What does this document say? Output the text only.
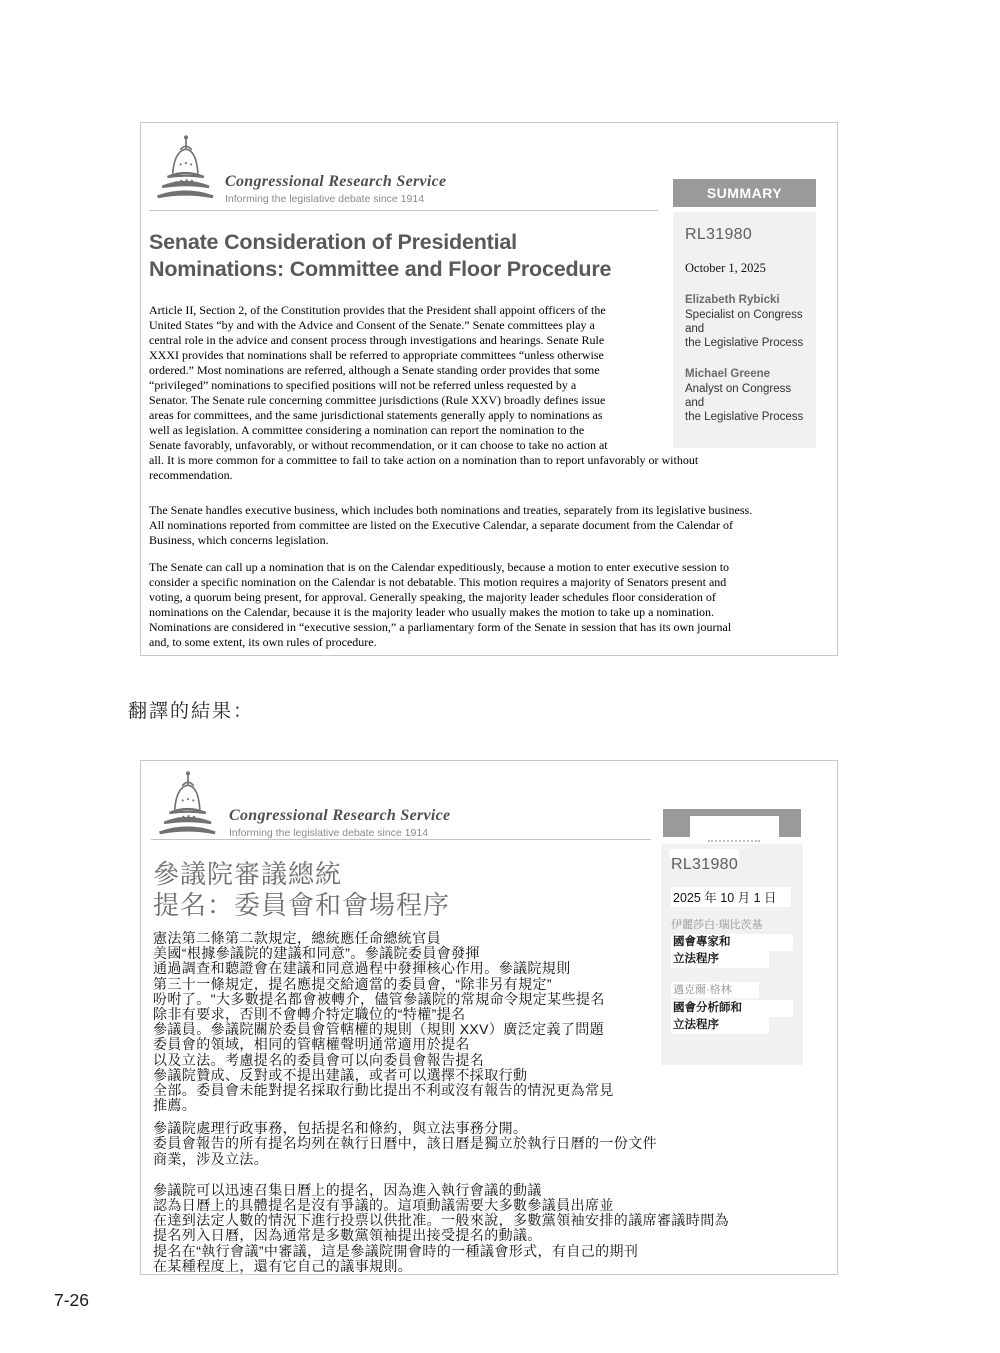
Congressional Research Service
Informing the legislative debate since 1914	SUMMARY
RL31980
October 1, 2025
Elizabeth Rybicki
Specialist on Congress and
the Legislative Process
Michael Greene
Analyst on Congress and
the Legislative Process
Senate Consideration of Presidential
Nominations: Committee and Floor Procedure
Article II, Section 2, of the Constitution provides that the President shall appoint officers of the
United States “by and with the Advice and Consent of the Senate.” Senate committees play a
central role in the advice and consent process through investigations and hearings. Senate Rule
XXXI provides that nominations shall be referred to appropriate committees “unless otherwise
ordered.” Most nominations are referred, although a Senate standing order provides that some
“privileged” nominations to specified positions will not be referred unless requested by a
Senator. The Senate rule concerning committee jurisdictions (Rule XXV) broadly defines issue
areas for committees, and the same jurisdictional statements generally apply to nominations as
well as legislation. A committee considering a nomination can report the nomination to the
Senate favorably, unfavorably, or without recommendation, or it can choose to take no action at
all. It is more common for a committee to fail to take action on a nomination than to report unfavorably or without
recommendation.
The Senate handles executive business, which includes both nominations and treaties, separately from its legislative business.
All nominations reported from committee are listed on the Executive Calendar, a separate document from the Calendar of
Business, which concerns legislation.
The Senate can call up a nomination that is on the Calendar expeditiously, because a motion to enter executive session to
consider a specific nomination on the Calendar is not debatable. This motion requires a majority of Senators present and
voting, a quorum being present, for approval. Generally speaking, the majority leader schedules floor consideration of
nominations on the Calendar, because it is the majority leader who usually makes the motion to take up a nomination.
Nominations are considered in “executive session,” a parliamentary form of the Senate in session that has its own journal
and, to some extent, its own rules of procedure.
翻譯的結果：
Congressional Research Service
Informing the legislative debate since 1914
RL31980
2025 年 10 月 1 日
伊麗莎白·瑞比茨基
國會專家和
立法程序
邁克爾·格林
國會分析師和
立法程序
參議院審議總統
提名：委員會和會場程序
憲法第二條第二款規定，總統應任命總統官員
美國“根據參議院的建議和同意”。參議院委員會發揮
通過調查和聽證會在建議和同意過程中發揮核心作用。參議院規則
第三十一條規定，提名應提交給適當的委員會，“除非另有規定”
吩咐了。"大多數提名都會被轉介，儘管參議院的常規命令規定某些提名
除非有要求，否則不會轉介特定職位的“特權”提名
參議員。參議院關於委員會管轄權的規則（規則 XXV）廣泛定義了問題
委員會的領域，相同的管轄權聲明通常適用於提名
以及立法。考慮提名的委員會可以向委員會報告提名
參議院贊成、反對或不提出建議，或者可以選擇不採取行動
全部。委員會未能對提名採取行動比提出不利或沒有報告的情況更為常見
推薦。
參議院處理行政事務，包括提名和條約，與立法事務分開。
委員會報告的所有提名均列在執行日曆中，該日曆是獨立於執行日曆的一份文件
商業，涉及立法。
參議院可以迅速召集日曆上的提名，因為進入執行會議的動議
認為日曆上的具體提名是沒有爭議的。這項動議需要大多數參議員出席並
在達到法定人數的情況下進行投票以供批准。一般來說，多數黨領袖安排的議席審議時間為
提名列入日曆，因為通常是多數黨領袖提出接受提名的動議。
提名在“執行會議”中審議，這是參議院開會時的一種議會形式，有自己的期刊
在某種程度上，還有它自己的議事規則。
7-26
